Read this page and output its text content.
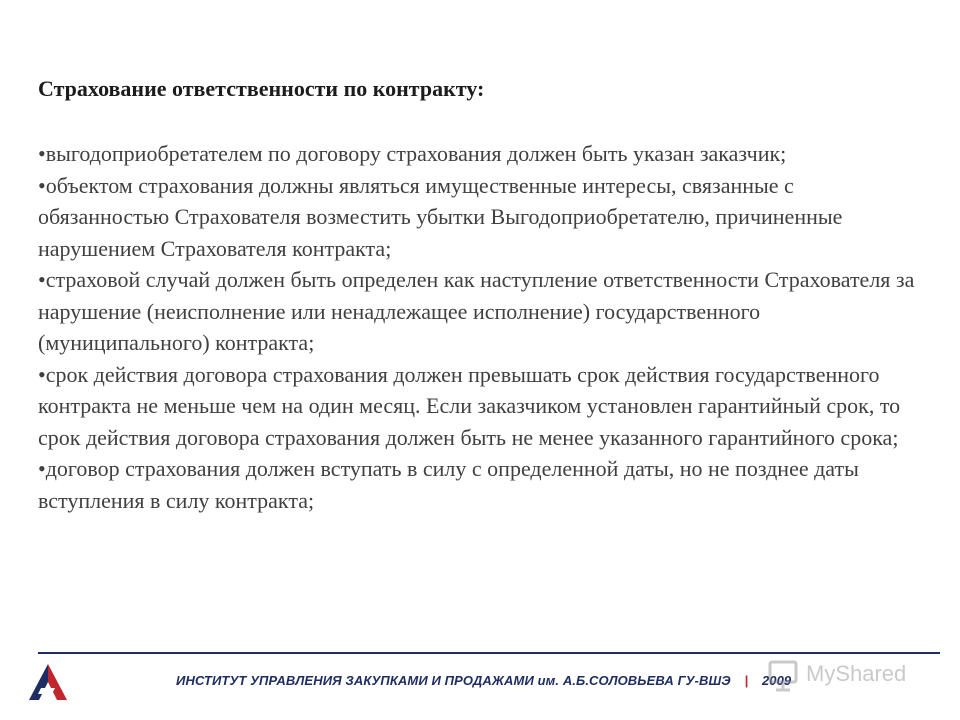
Страхование ответственности по контракту:

•выгодоприобретателем по договору страхования должен быть указан заказчик;

•объектом страхования должны являться имущественные интересы, связанные с обязанностью Страхователя возместить убытки Выгодоприобретателю, причиненные нарушением Страхователя контракта;

•страховой случай должен быть определен как наступление ответственности Страхователя за нарушение (неисполнение или ненадлежащее исполнение) государственного (муниципального) контракта;

•срок действия договора страхования должен превышать срок действия государственного контракта не меньше чем на один месяц. Если заказчиком установлен гарантийный срок, то срок действия договора страхования должен быть не менее указанного гарантийного срока;

•договор страхования должен вступать в силу с определенной даты, но не позднее даты вступления в силу контракта;

ИНСТИТУТ УПРАВЛЕНИЯ ЗАКУПКАМИ И ПРОДАЖАМИ им. А.Б.СОЛОВЬЕВА ГУ-ВШЭ | 2009 MyShared
